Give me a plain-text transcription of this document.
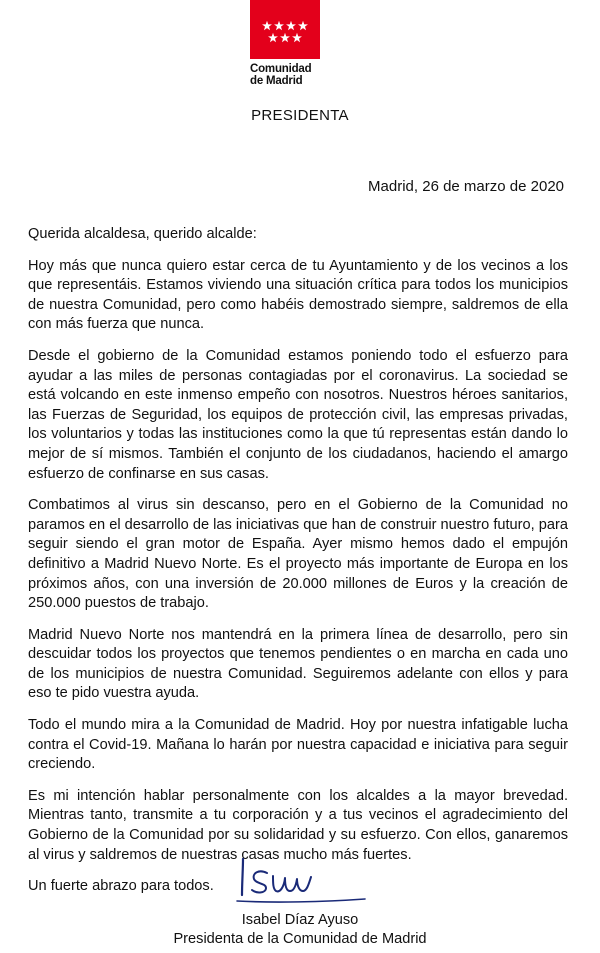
Comunidad
de Madrid
PRESIDENTA
Madrid, 26 de marzo de 2020

Querida alcaldesa, querido alcalde:

Hoy más que nunca quiero estar cerca de tu Ayuntamiento y de los vecinos a los que representáis. Estamos viviendo una situación crítica para todos los municipios de nuestra Comunidad, pero como habéis demostrado siempre, saldremos de ella con más fuerza que nunca.

Desde el gobierno de la Comunidad estamos poniendo todo el esfuerzo para ayudar a las miles de personas contagiadas por el coronavirus. La sociedad se está volcando en este inmenso empeño con nosotros. Nuestros héroes sanitarios, las Fuerzas de Seguridad, los equipos de protección civil, las empresas privadas, los voluntarios y todas las instituciones como la que tú representas están dando lo mejor de sí mismos. También el conjunto de los ciudadanos, haciendo el amargo esfuerzo de confinarse en sus casas.

Combatimos al virus sin descanso, pero en el Gobierno de la Comunidad no paramos en el desarrollo de las iniciativas que han de construir nuestro futuro, para seguir siendo el gran motor de España. Ayer mismo hemos dado el empujón definitivo a Madrid Nuevo Norte. Es el proyecto más importante de Europa en los próximos años, con una inversión de 20.000 millones de Euros y la creación de 250.000 puestos de trabajo.

Madrid Nuevo Norte nos mantendrá en la primera línea de desarrollo, pero sin descuidar todos los proyectos que tenemos pendientes o en marcha en cada uno de los municipios de nuestra Comunidad. Seguiremos adelante con ellos y para eso te pido vuestra ayuda.

Todo el mundo mira a la Comunidad de Madrid. Hoy por nuestra infatigable lucha contra el Covid-19. Mañana lo harán por nuestra capacidad e iniciativa para seguir creciendo.

Es mi intención hablar personalmente con los alcaldes a la mayor brevedad. Mientras tanto, transmite a tu corporación y a tus vecinos el agradecimiento del Gobierno de la Comunidad por su solidaridad y su esfuerzo. Con ellos, ganaremos al virus y saldremos de nuestras casas mucho más fuertes.

Un fuerte abrazo para todos.

Isabel Díaz Ayuso
Presidenta de la Comunidad de Madrid
